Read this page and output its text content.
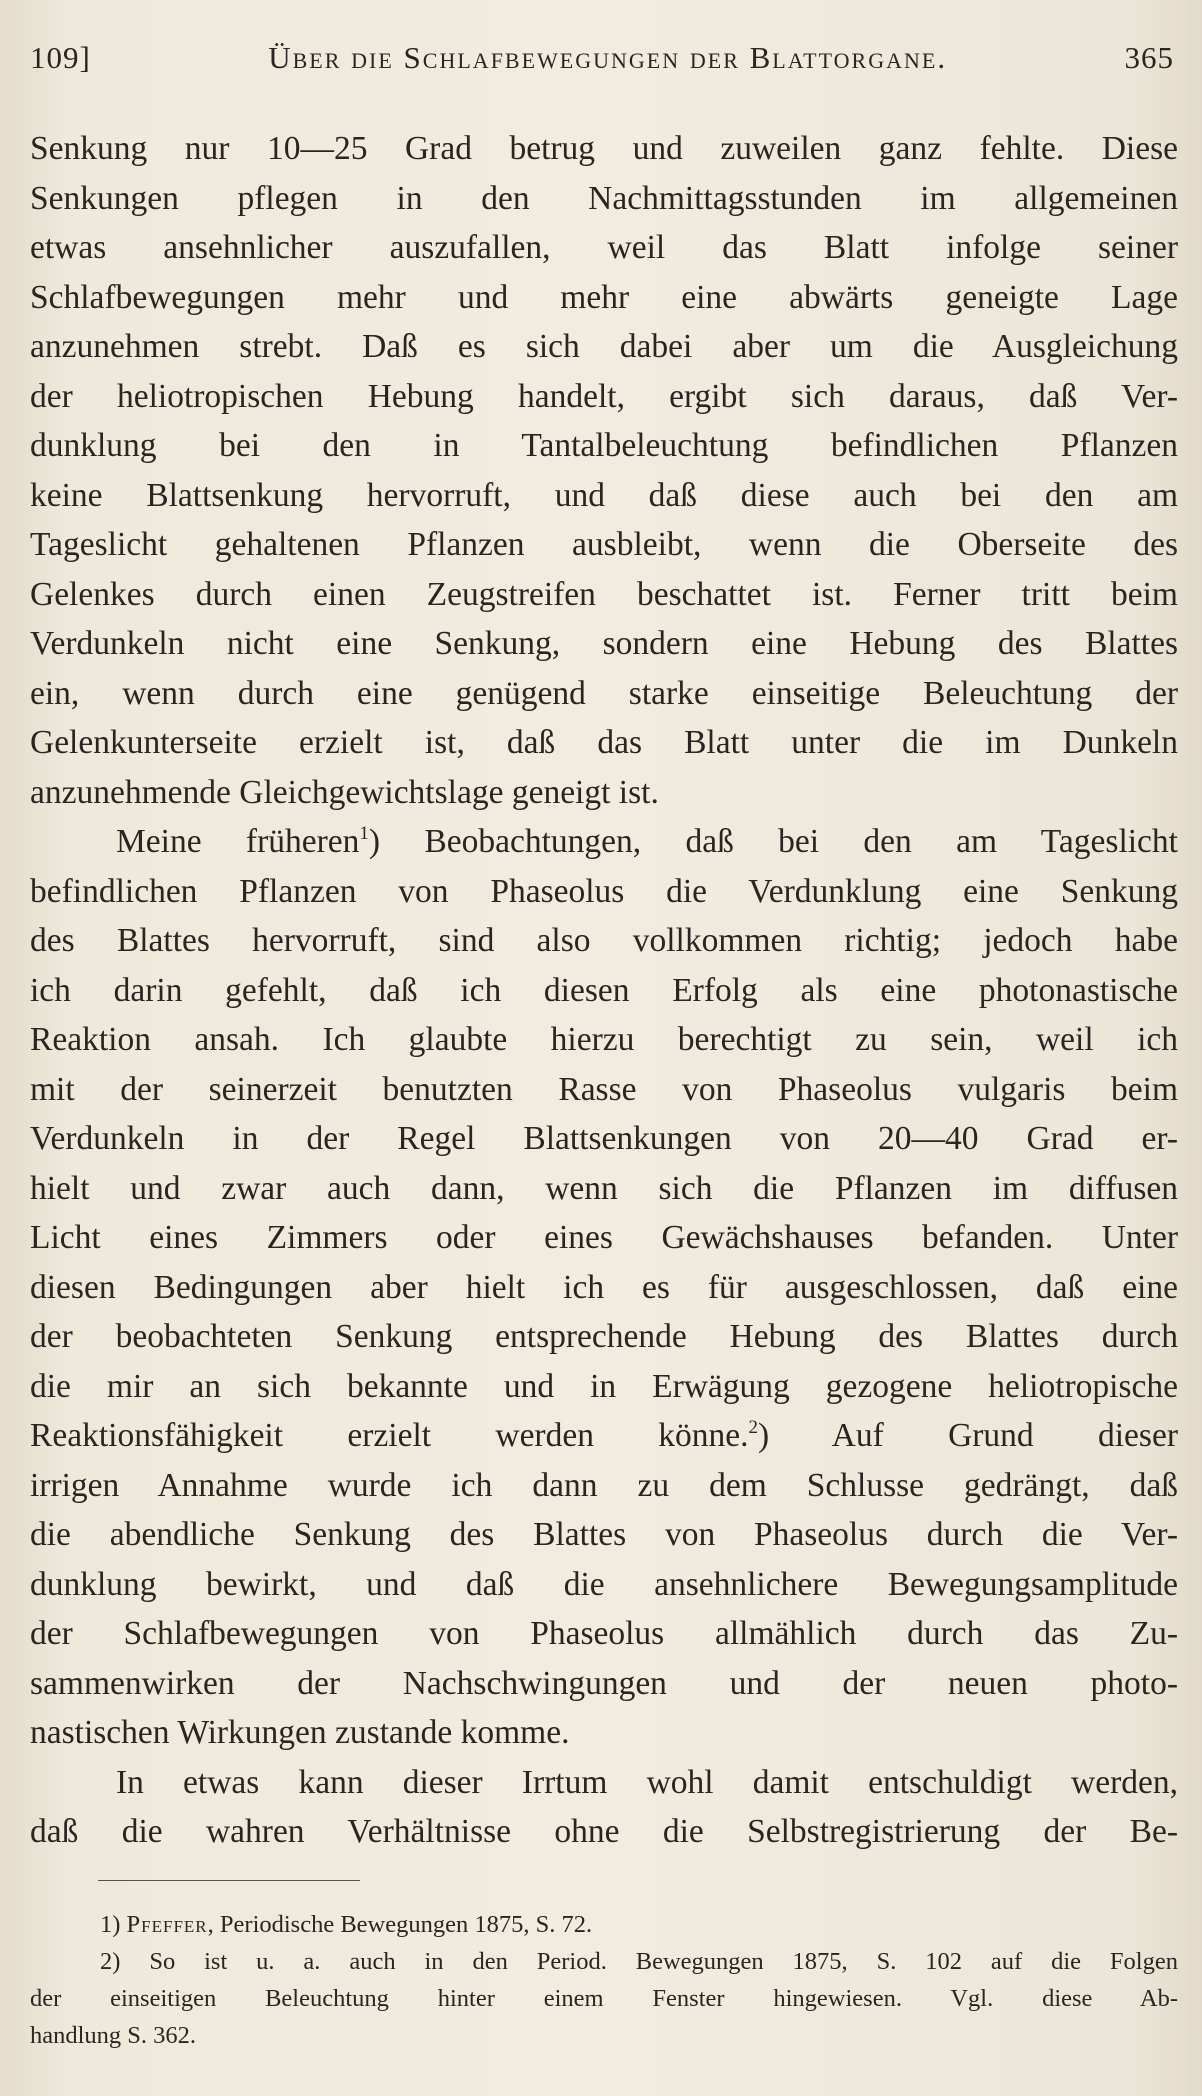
109]	Über die Schlafbewegungen der Blattorgane.	365
Senkung nur 10—25 Grad betrug und zuweilen ganz fehlte. Diese
Senkungen pflegen in den Nachmittagsstunden im allgemeinen
etwas ansehnlicher auszufallen, weil das Blatt infolge seiner
Schlafbewegungen mehr und mehr eine abwärts geneigte Lage
anzunehmen strebt. Daß es sich dabei aber um die Ausgleichung
der heliotropischen Hebung handelt, ergibt sich daraus, daß Ver-
dunklung bei den in Tantalbeleuchtung befindlichen Pflanzen
keine Blattsenkung hervorruft, und daß diese auch bei den am
Tageslicht gehaltenen Pflanzen ausbleibt, wenn die Oberseite des
Gelenkes durch einen Zeugstreifen beschattet ist. Ferner tritt beim
Verdunkeln nicht eine Senkung, sondern eine Hebung des Blattes
ein, wenn durch eine genügend starke einseitige Beleuchtung der
Gelenkunterseite erzielt ist, daß das Blatt unter die im Dunkeln
anzunehmende Gleichgewichtslage geneigt ist.
Meine früheren$^1$) Beobachtungen, daß bei den am Tageslicht
befindlichen Pflanzen von Phaseolus die Verdunklung eine Senkung
des Blattes hervorruft, sind also vollkommen richtig; jedoch habe
ich darin gefehlt, daß ich diesen Erfolg als eine photonastische
Reaktion ansah. Ich glaubte hierzu berechtigt zu sein, weil ich
mit der seinerzeit benutzten Rasse von Phaseolus vulgaris beim
Verdunkeln in der Regel Blattsenkungen von 20—40 Grad er-
hielt und zwar auch dann, wenn sich die Pflanzen im diffusen
Licht eines Zimmers oder eines Gewächshauses befanden. Unter
diesen Bedingungen aber hielt ich es für ausgeschlossen, daß eine
der beobachteten Senkung entsprechende Hebung des Blattes durch
die mir an sich bekannte und in Erwägung gezogene heliotropische
Reaktionsfähigkeit erzielt werden könne.$^2$) Auf Grund dieser
irrigen Annahme wurde ich dann zu dem Schlusse gedrängt, daß
die abendliche Senkung des Blattes von Phaseolus durch die Ver-
dunklung bewirkt, und daß die ansehnlichere Bewegungsamplitude
der Schlafbewegungen von Phaseolus allmählich durch das Zu-
sammenwirken der Nachschwingungen und der neuen photo-
nastischen Wirkungen zustande komme.
In etwas kann dieser Irrtum wohl damit entschuldigt werden,
daß die wahren Verhältnisse ohne die Selbstregistrierung der Be-
1) Pfeffer, Periodische Bewegungen 1875, S. 72.
2) So ist u. a. auch in den Period. Bewegungen 1875, S. 102 auf die Folgen
der einseitigen Beleuchtung hinter einem Fenster hingewiesen. Vgl. diese Ab-
handlung S. 362.
